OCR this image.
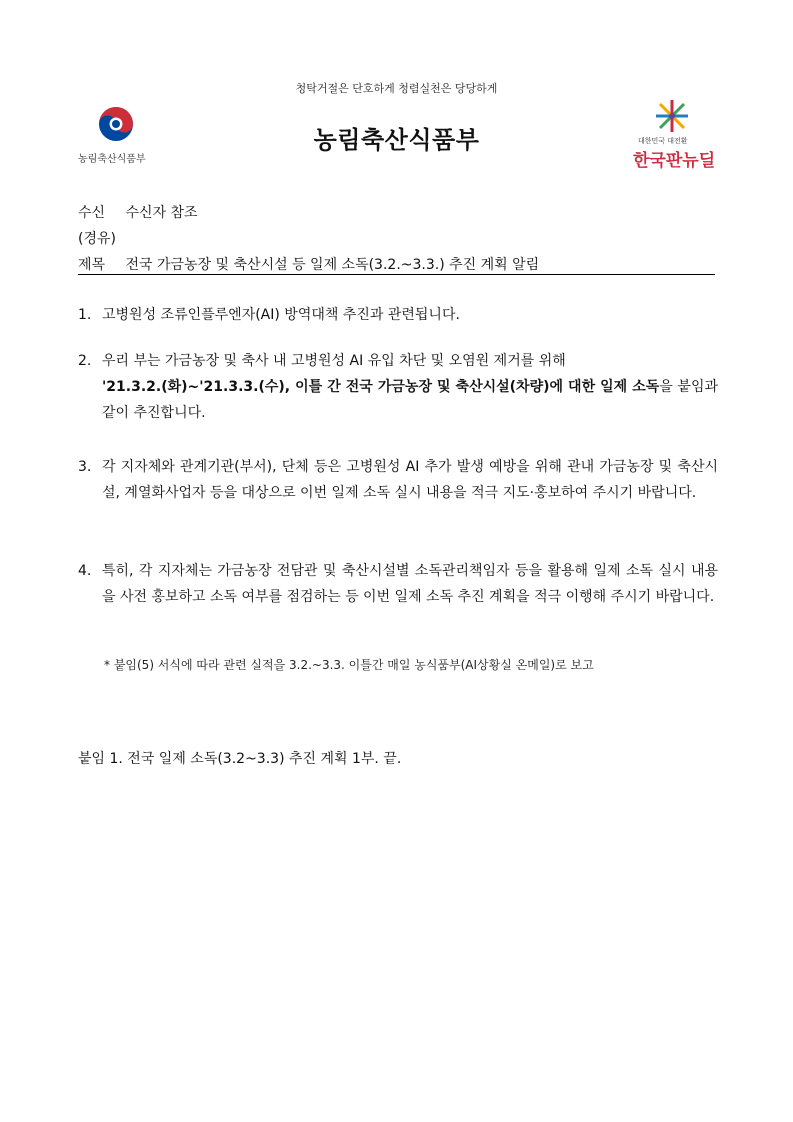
청탁거절은 단호하게 청렴실천은 당당하게
농림축산식품부
농림축산식품부	대한민국 대전환
한국판뉴딜
수신 수신자 참조
(경유)
제목 전국 가금농장 및 축산시설 등 일제 소독(3.2.~3.3.) 추진 계획 알림

1. 고병원성 조류인플루엔자(AI) 방역대책 추진과 관련됩니다.

2. 우리 부는 가금농장 및 축사 내 고병원성 AI 유입 차단 및 오염원 제거를 위해
'21.3.2.(화)~'21.3.3.(수), 이틀 간 전국 가금농장 및 축산시설(차량)에 대한 일제 소독을 붙임과 같이 추진합니다.

3. 각 지자체와 관계기관(부서), 단체 등은 고병원성 AI 추가 발생 예방을 위해 관내 가금농장 및 축산시설, 계열화사업자 등을 대상으로 이번 일제 소독 실시 내용을 적극 지도·홍보하여 주시기 바랍니다.

4. 특히, 각 지자체는 가금농장 전담관 및 축산시설별 소독관리책임자 등을 활용해 일제 소독 실시 내용을 사전 홍보하고 소독 여부를 점검하는 등 이번 일제 소독 추진 계획을 적극 이행해 주시기 바랍니다.

* 붙임(5) 서식에 따라 관련 실적을 3.2.~3.3. 이틀간 매일 농식품부(AI상황실 온메일)로 보고
붙임 1. 전국 일제 소독(3.2~3.3) 추진 계획 1부. 끝.
